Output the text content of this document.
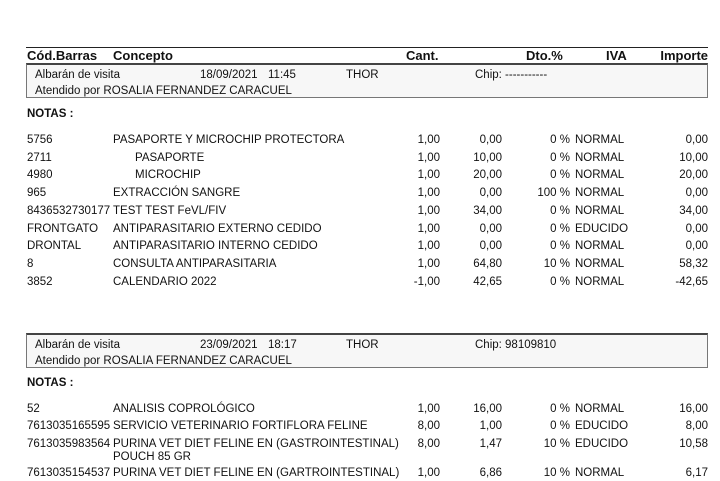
Cód.Barras Concepto	Cant.	Dto.%	IVA	Importe
Albarán de visita	18/09/2021 11:45	THOR	Chip: -----------
Atendido por ROSALIA FERNANDEZ CARACUEL
NOTAS :
5756	PASAPORTE Y MICROCHIP PROTECTORA	1,00	0,00	0 % NORMAL	0,00
2711	PASAPORTE	1,00	10,00	0 % NORMAL	10,00
4980	MICROCHIP	1,00	20,00	0 % NORMAL	20,00
965	EXTRACCIÓN SANGRE	1,00	0,00	100 % NORMAL	0,00
8436532730177 TEST TEST FeVL/FIV	1,00	34,00	0 % NORMAL	34,00
FRONTGATO ANTIPARASITARIO EXTERNO CEDIDO	1,00	0,00	0 % EDUCIDO	0,00
DRONTAL	ANTIPARASITARIO INTERNO CEDIDO	1,00	0,00	0 % NORMAL	0,00
8	CONSULTA ANTIPARASITARIA	1,00	64,80	10 % NORMAL	58,32
3852	CALENDARIO 2022	-1,00	42,65	0 % NORMAL	-42,65
Albarán de visita	23/09/2021 18:17	THOR	Chip: 98109810
Atendido por ROSALIA FERNANDEZ CARACUEL
NOTAS :
52	ANALISIS COPROLÓGICO	1,00	16,00	0 % NORMAL	16,00
7613035165595 SERVICIO VETERINARIO FORTIFLORA FELINE	8,00	1,00	0 % EDUCIDO	8,00
7613035983564 PURINA VET DIET FELINE EN (GASTROINTESTINAL) 8,00	1,47	10 % EDUCIDO	10,58
POUCH 85 GR
7613035154537 PURINA VET DIET FELINE EN (GARTROINTESTINAL) 1,00	6,86	10 % NORMAL	6,17
